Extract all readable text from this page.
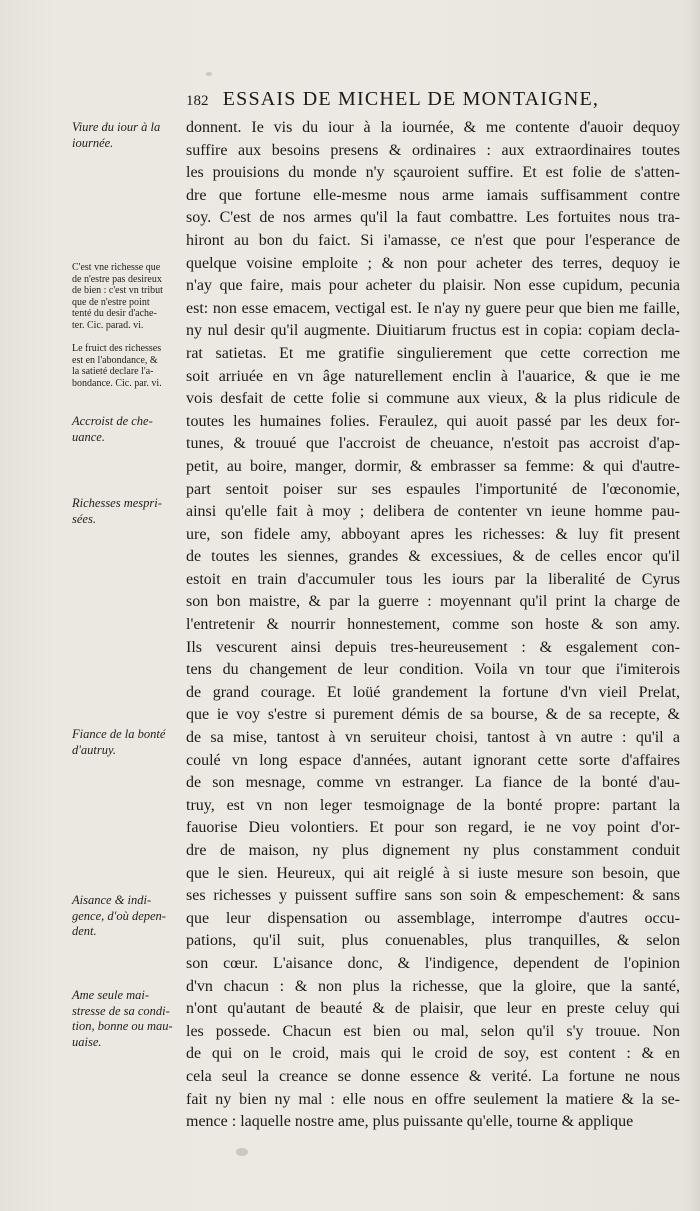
182 ESSAIS DE MICHEL DE MONTAIGNE,
donnent. Ie vis du iour à la iournée, & me contente d'auoir dequoy
suffire aux besoins presens & ordinaires : aux extraordinaires toutes
les prouisions du monde n'y sçauroient suffire. Et est folie de s'atten-
dre que fortune elle-mesme nous arme iamais suffisamment contre
soy. C'est de nos armes qu'il la faut combattre. Les fortuites nous tra-
hiront au bon du faict. Si i'amasse, ce n'est que pour l'esperance de
quelque voisine emploite ; & non pour acheter des terres, dequoy ie
n'ay que faire, mais pour acheter du plaisir. Non esse cupidum, pecunia
est: non esse emacem, vectigal est. Ie n'ay ny guere peur que bien me faille,
ny nul desir qu'il augmente. Diuitiarum fructus est in copia: copiam decla-
rat satietas. Et me gratifie singulierement que cette correction me
soit arriuée en vn âge naturellement enclin à l'auarice, & que ie me
vois desfait de cette folie si commune aux vieux, & la plus ridicule de
toutes les humaines folies. Feraulez, qui auoit passé par les deux for-
tunes, & trouué que l'accroist de cheuance, n'estoit pas accroist d'ap-
petit, au boire, manger, dormir, & embrasser sa femme: & qui d'autre-
part sentoit poiser sur ses espaules l'importunité de l'œconomie,
ainsi qu'elle fait à moy ; delibera de contenter vn ieune homme pau-
ure, son fidele amy, abboyant apres les richesses: & luy fit present
de toutes les siennes, grandes & excessiues, & de celles encor qu'il
estoit en train d'accumuler tous les iours par la liberalité de Cyrus
son bon maistre, & par la guerre : moyennant qu'il print la charge de
l'entretenir & nourrir honnestement, comme son hoste & son amy.
Ils vescurent ainsi depuis tres-heureusement : & esgalement con-
tens du changement de leur condition. Voila vn tour que i'imiterois
de grand courage. Et loüé grandement la fortune d'vn vieil Prelat,
que ie voy s'estre si purement démis de sa bourse, & de sa recepte, &
de sa mise, tantost à vn seruiteur choisi, tantost à vn autre : qu'il a
coulé vn long espace d'années, autant ignorant cette sorte d'affaires
de son mesnage, comme vn estranger. La fiance de la bonté d'au-
truy, est vn non leger tesmoignage de la bonté propre: partant la
fauorise Dieu volontiers. Et pour son regard, ie ne voy point d'or-
dre de maison, ny plus dignement ny plus constamment conduit
que le sien. Heureux, qui ait reiglé à si iuste mesure son besoin, que
ses richesses y puissent suffire sans son soin & empeschement: & sans
que leur dispensation ou assemblage, interrompe d'autres occu-
pations, qu'il suit, plus conuenables, plus tranquilles, & selon
son cœur. L'aisance donc, & l'indigence, dependent de l'opinion
d'vn chacun : & non plus la richesse, que la gloire, que la santé,
n'ont qu'autant de beauté & de plaisir, que leur en preste celuy qui
les possede. Chacun est bien ou mal, selon qu'il s'y trouue. Non
de qui on le croid, mais qui le croid de soy, est content : & en
cela seul la creance se donne essence & verité. La fortune ne nous
fait ny bien ny mal : elle nous en offre seulement la matiere & la se-
mence : laquelle nostre ame, plus puissante qu'elle, tourne & applique
Viure du iour à la
iournée.
C'est vne richesse que
de n'estre pas desireux
de bien : c'est vn tribut
que de n'estre point
tenté du desir d'ache-
ter. Cic. parad. vi.
Le fruict des richesses
est en l'abondance, &
la satieté declare l'a-
bondance. Cic. par. vi.
Accroist de che-
uance.
Richesses mespri-
sées.
Fiance de la bonté
d'autruy.
Aisance & indi-
gence, d'où depen-
dent.
Ame seule mai-
stresse de sa condi-
tion, bonne ou mau-
uaise.
